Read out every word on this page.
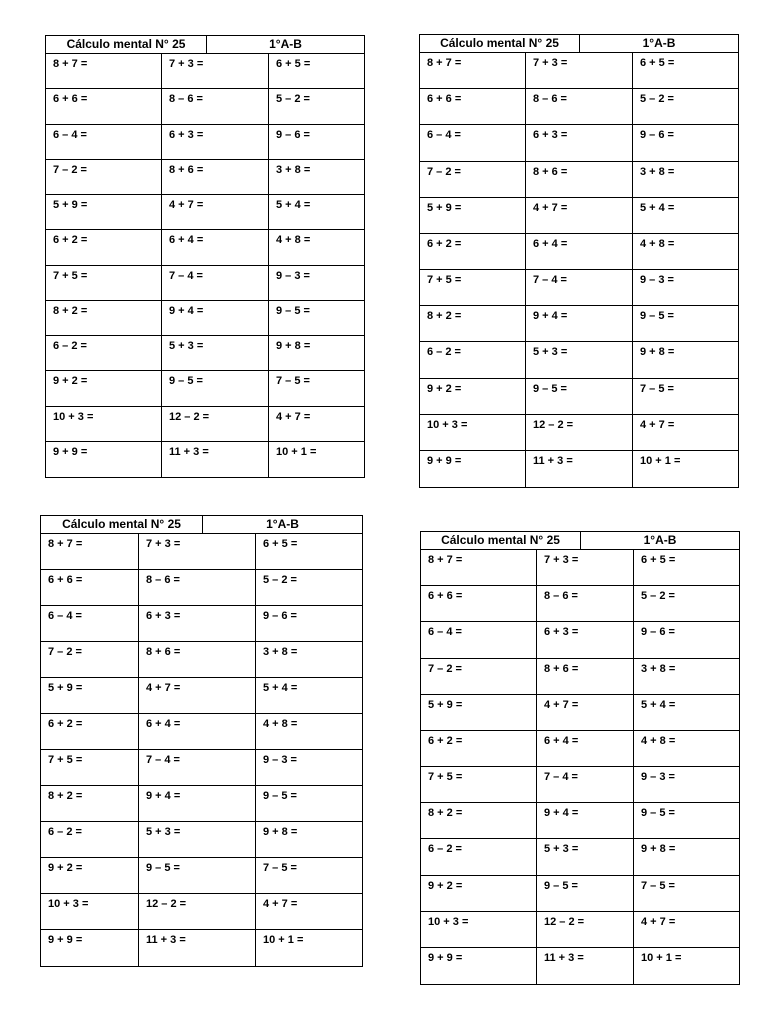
Cálculo mental N° 25	1°A-B
8 + 7 =	7 + 3 =	6 + 5 =
6 + 6 =	8 – 6 =	5 – 2 =
6 – 4 =	6 + 3 =	9 – 6 =
7 – 2 =	8 + 6 =	3 + 8 =
5 + 9 =	4 + 7 =	5 + 4 =
6 + 2 =	6 + 4 =	4 + 8 =
7 + 5 =	7 – 4 =	9 – 3 =
8 + 2 =	9 + 4 =	9 – 5 =
6 – 2 =	5 + 3 =	9 + 8 =
9 + 2 =	9 – 5 =	7 – 5 =
10 + 3 =	12 – 2 =	4 + 7 =
9 + 9 =	11 + 3 =	10 + 1 =
Cálculo mental N° 25	1°A-B
8 + 7 =	7 + 3 =	6 + 5 =
6 + 6 =	8 – 6 =	5 – 2 =
6 – 4 =	6 + 3 =	9 – 6 =
7 – 2 =	8 + 6 =	3 + 8 =
5 + 9 =	4 + 7 =	5 + 4 =
6 + 2 =	6 + 4 =	4 + 8 =
7 + 5 =	7 – 4 =	9 – 3 =
8 + 2 =	9 + 4 =	9 – 5 =
6 – 2 =	5 + 3 =	9 + 8 =
9 + 2 =	9 – 5 =	7 – 5 =
10 + 3 =	12 – 2 =	4 + 7 =
9 + 9 =	11 + 3 =	10 + 1 =
Cálculo mental N° 25	1°A-B
8 + 7 =	7 + 3 =	6 + 5 =
6 + 6 =	8 – 6 =	5 – 2 =
6 – 4 =	6 + 3 =	9 – 6 =
7 – 2 =	8 + 6 =	3 + 8 =
5 + 9 =	4 + 7 =	5 + 4 =
6 + 2 =	6 + 4 =	4 + 8 =
7 + 5 =	7 – 4 =	9 – 3 =
8 + 2 =	9 + 4 =	9 – 5 =
6 – 2 =	5 + 3 =	9 + 8 =
9 + 2 =	9 – 5 =	7 – 5 =
10 + 3 =	12 – 2 =	4 + 7 =
9 + 9 =	11 + 3 =	10 + 1 =
Cálculo mental N° 25	1°A-B
8 + 7 =	7 + 3 =	6 + 5 =
6 + 6 =	8 – 6 =	5 – 2 =
6 – 4 =	6 + 3 =	9 – 6 =
7 – 2 =	8 + 6 =	3 + 8 =
5 + 9 =	4 + 7 =	5 + 4 =
6 + 2 =	6 + 4 =	4 + 8 =
7 + 5 =	7 – 4 =	9 – 3 =
8 + 2 =	9 + 4 =	9 – 5 =
6 – 2 =	5 + 3 =	9 + 8 =
9 + 2 =	9 – 5 =	7 – 5 =
10 + 3 =	12 – 2 =	4 + 7 =
9 + 9 =	11 + 3 =	10 + 1 =
